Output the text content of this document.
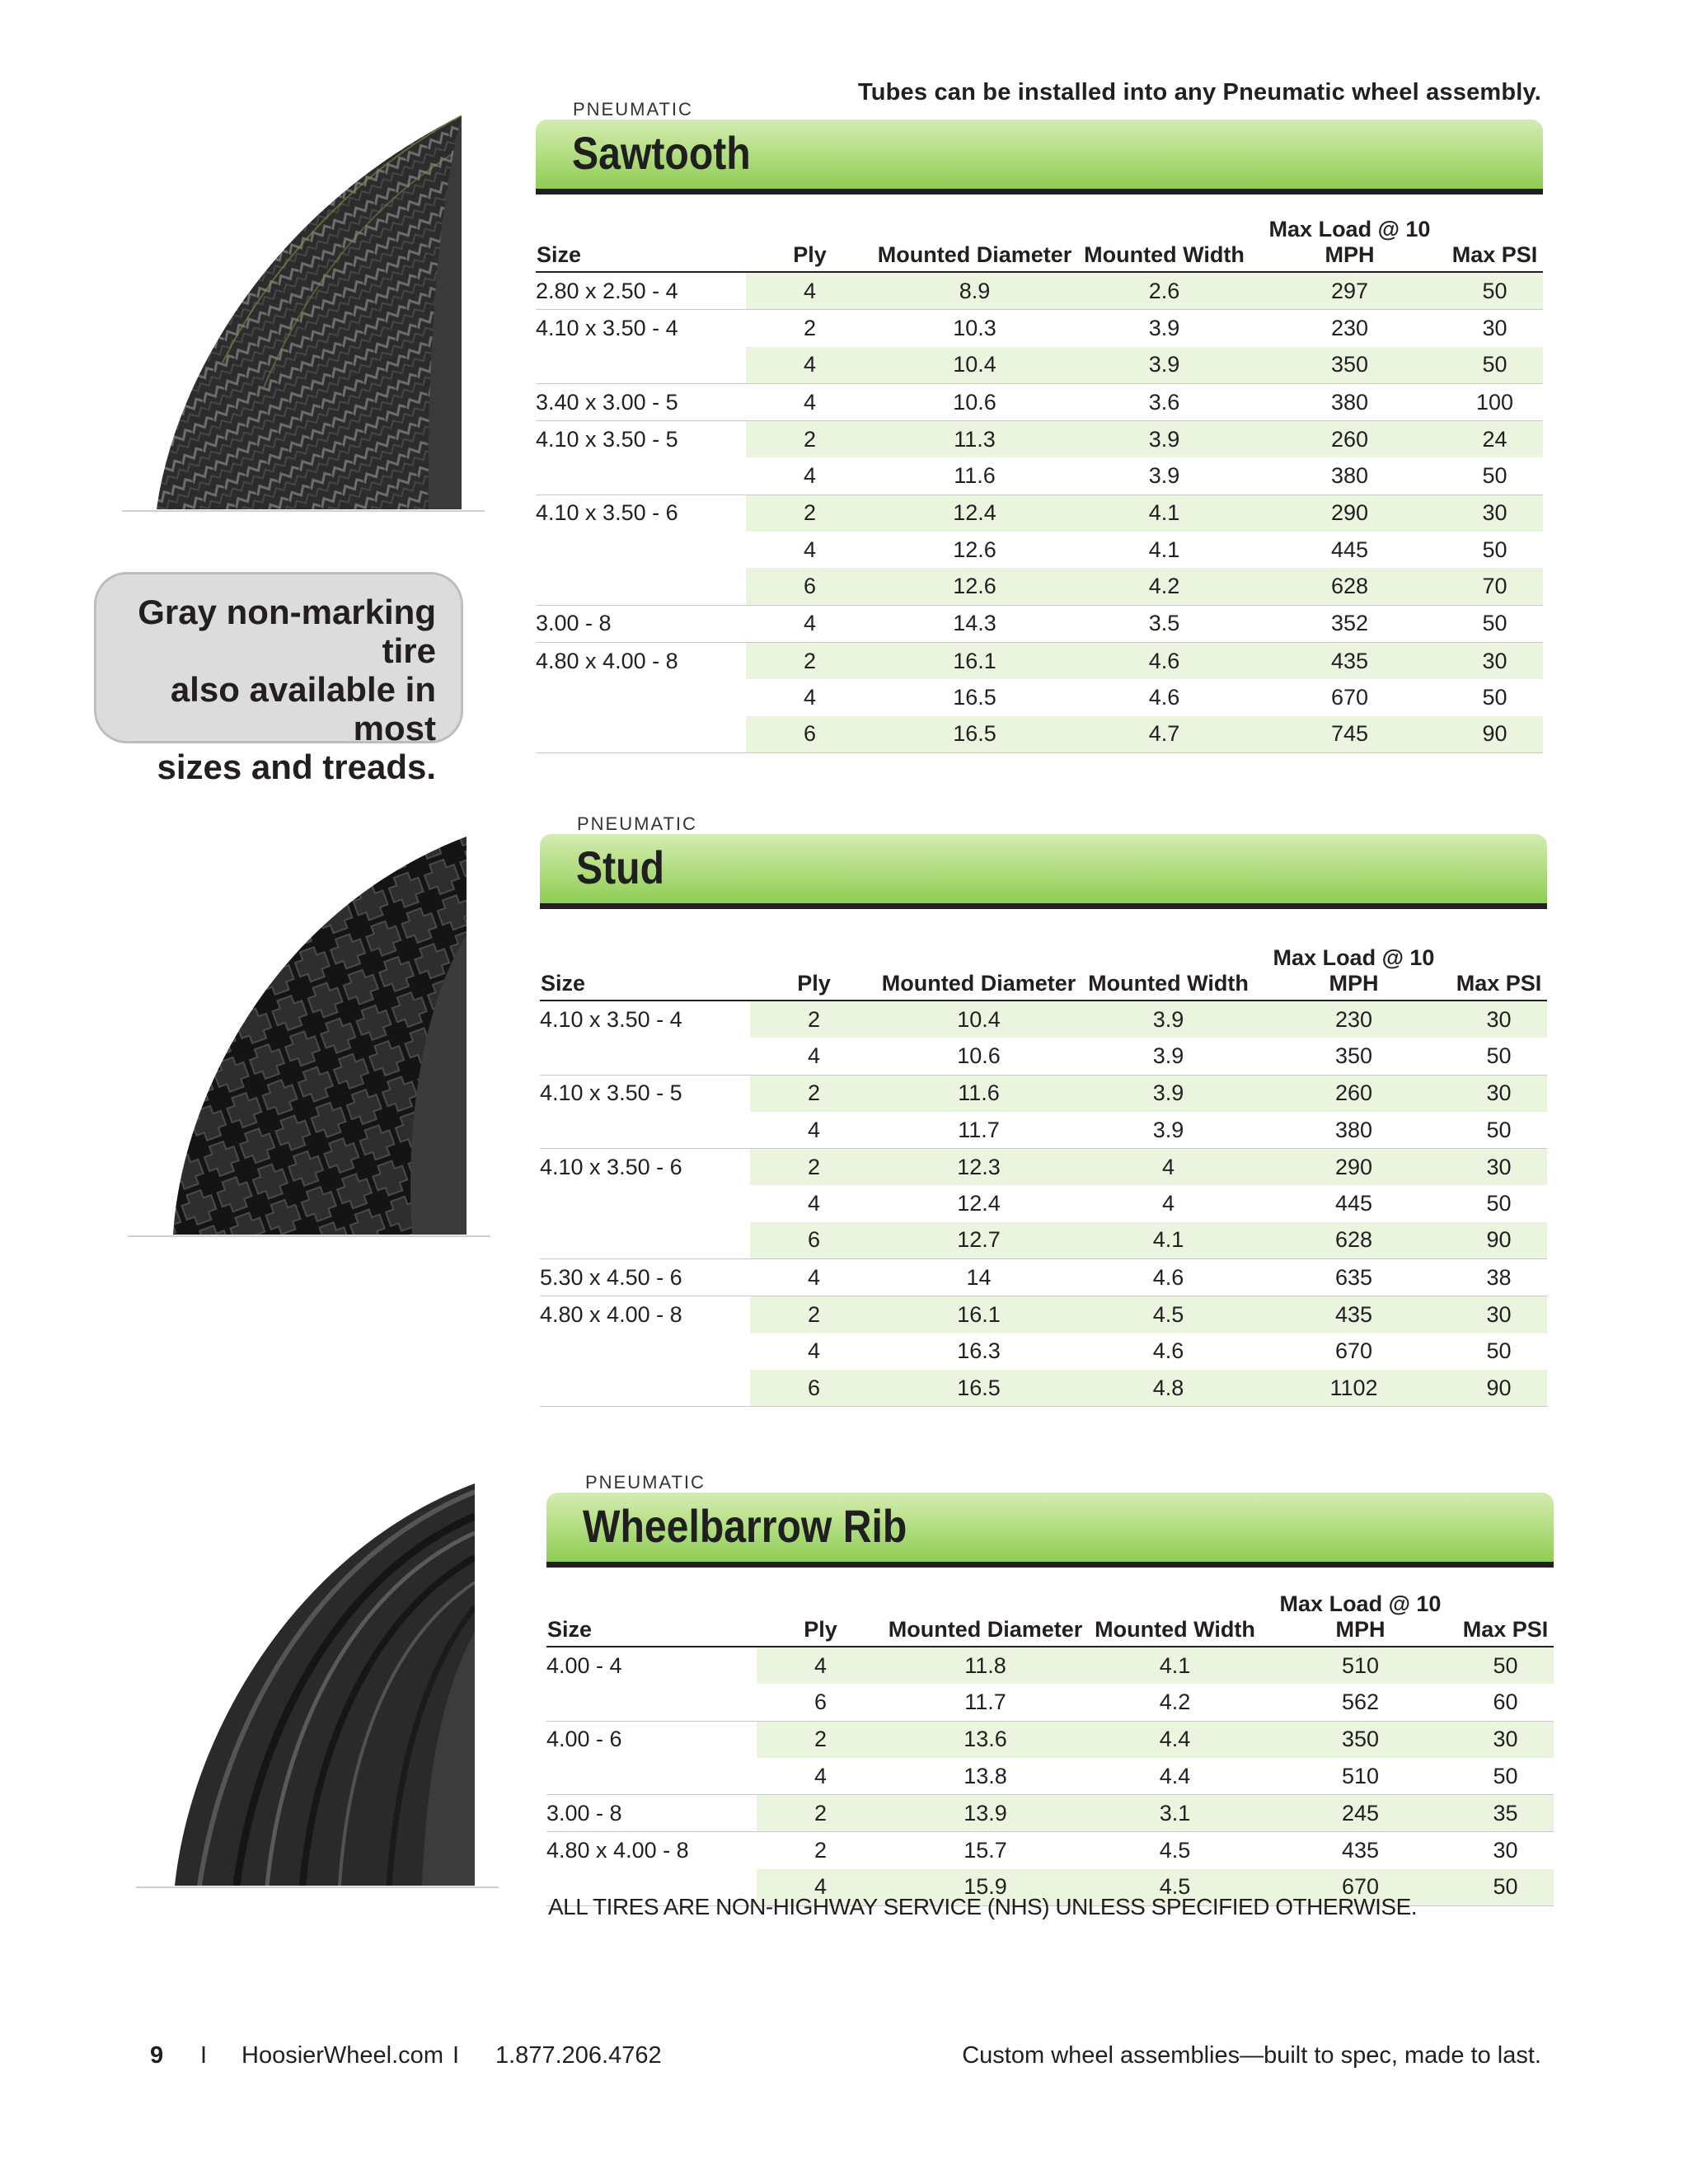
Tubes can be installed into any Pneumatic wheel assembly.
Gray non-marking tire
also available in most
sizes and treads.
PNEUMATIC
Sawtooth
Size	Ply	Mounted Diameter	Mounted Width	Max Load @ 10 MPH	Max PSI
2.80 x 2.50 - 4	4	8.9	2.6	297	50
4.10 x 3.50 - 4	2	10.3	3.9	230	30
	4	10.4	3.9	350	50
3.40 x 3.00 - 5	4	10.6	3.6	380	100
4.10 x 3.50 - 5	2	11.3	3.9	260	24
	4	11.6	3.9	380	50
4.10 x 3.50 - 6	2	12.4	4.1	290	30
	4	12.6	4.1	445	50
	6	12.6	4.2	628	70
3.00 - 8	4	14.3	3.5	352	50
4.80 x 4.00 - 8	2	16.1	4.6	435	30
	4	16.5	4.6	670	50
	6	16.5	4.7	745	90
PNEUMATIC
Stud
Size	Ply	Mounted Diameter	Mounted Width	Max Load @ 10 MPH	Max PSI
4.10 x 3.50 - 4	2	10.4	3.9	230	30
	4	10.6	3.9	350	50
4.10 x 3.50 - 5	2	11.6	3.9	260	30
	4	11.7	3.9	380	50
4.10 x 3.50 - 6	2	12.3	4	290	30
	4	12.4	4	445	50
	6	12.7	4.1	628	90
5.30 x 4.50 - 6	4	14	4.6	635	38
4.80 x 4.00 - 8	2	16.1	4.5	435	30
	4	16.3	4.6	670	50
	6	16.5	4.8	1102	90
PNEUMATIC
Wheelbarrow Rib
Size	Ply	Mounted Diameter	Mounted Width	Max Load @ 10 MPH	Max PSI
4.00 - 4	4	11.8	4.1	510	50
	6	11.7	4.2	562	60
4.00 - 6	2	13.6	4.4	350	30
	4	13.8	4.4	510	50
3.00 - 8	2	13.9	3.1	245	35
4.80 x 4.00 - 8	2	15.7	4.5	435	30
	4	15.9	4.5	670	50
ALL TIRES ARE NON-HIGHWAY SERVICE (NHS) UNLESS SPECIFIED OTHERWISE.
9 I HoosierWheel.com I 1.877.206.4762	Custom wheel assemblies—built to spec, made to last.
